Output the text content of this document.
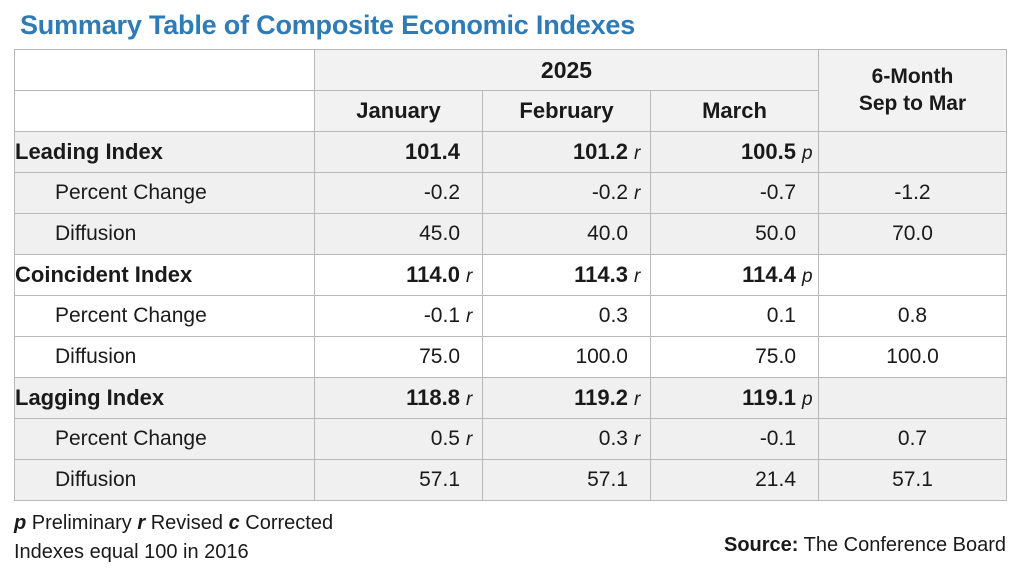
Summary Table of Composite Economic Indexes
	2025			6-Month
Sep to Mar

	January	February	March	
Leading Index	101.4	101.2 r	100.5 p	
Percent Change	-0.2	-0.2 r	-0.7	-1.2
Diffusion	45.0	40.0	50.0	70.0
Coincident Index	114.0 r	114.3 r	114.4 p	
Percent Change	-0.1 r	0.3	0.1	0.8
Diffusion	75.0	100.0	75.0	100.0
Lagging Index	118.8 r	119.2 r	119.1 p	
Percent Change	0.5 r	0.3 r	-0.1	0.7
Diffusion	57.1	57.1	21.4	57.1
p Preliminary r Revised c Corrected
Indexes equal 100 in 2016	Source: The Conference Board
